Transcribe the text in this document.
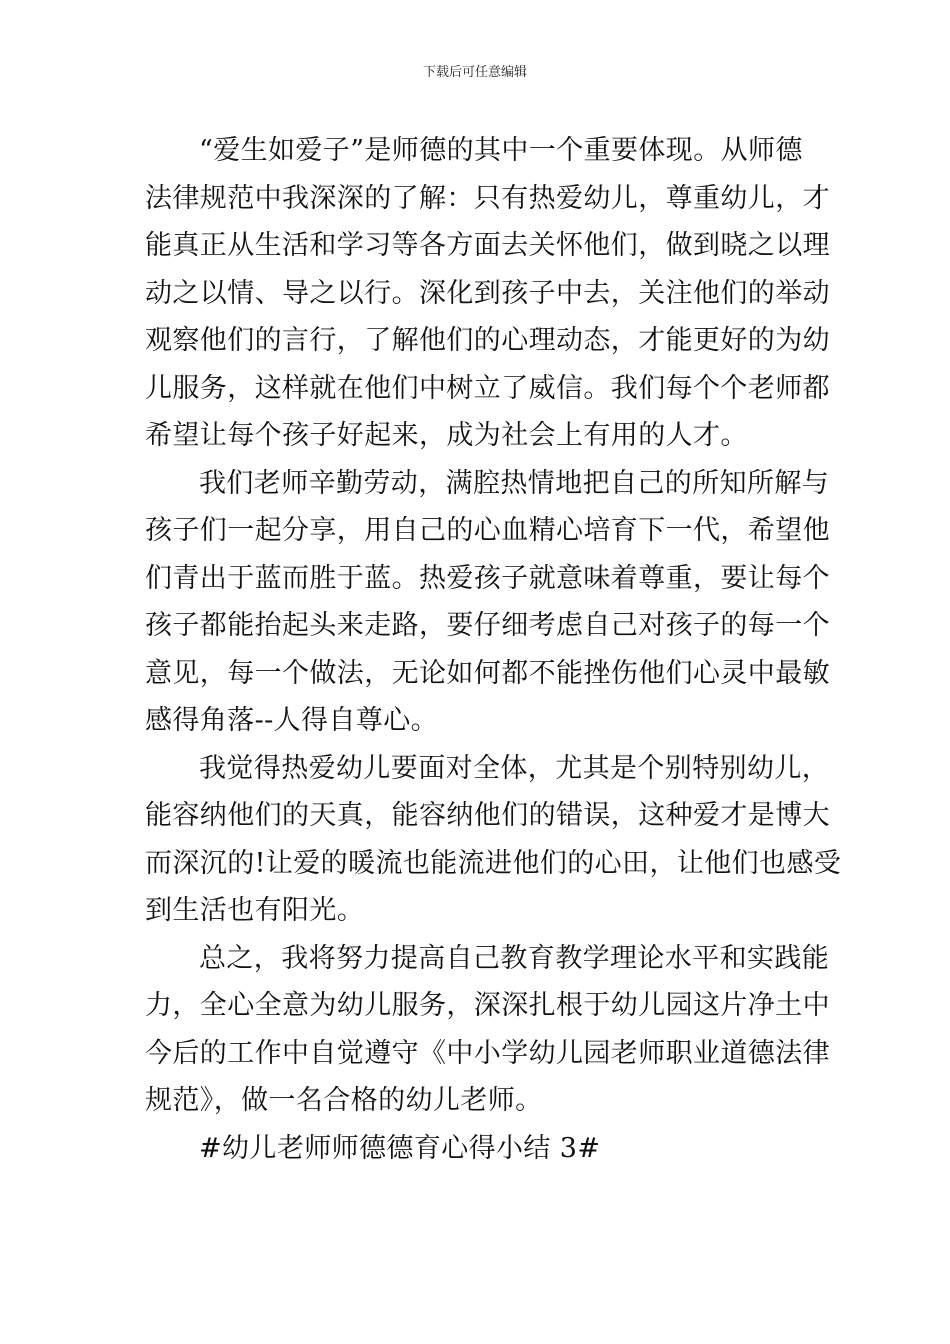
下载后可任意编辑

“爱生如爱子”是师德的其中一个重要体现。从师德
法律规范中我深深的了解：只有热爱幼儿，尊重幼儿，才
能真正从生活和学习等各方面去关怀他们，做到晓之以理
动之以情、导之以行。深化到孩子中去，关注他们的举动
观察他们的言行，了解他们的心理动态，才能更好的为幼
儿服务，这样就在他们中树立了威信。我们每个个老师都
希望让每个孩子好起来，成为社会上有用的人才。

我们老师辛勤劳动，满腔热情地把自己的所知所解与
孩子们一起分享，用自己的心血精心培育下一代，希望他
们青出于蓝而胜于蓝。热爱孩子就意味着尊重，要让每个
孩子都能抬起头来走路，要仔细考虑自己对孩子的每一个
意见，每一个做法，无论如何都不能挫伤他们心灵中最敏
感得角落--人得自尊心。

我觉得热爱幼儿要面对全体，尤其是个别特别幼儿，
能容纳他们的天真，能容纳他们的错误，这种爱才是博大
而深沉的!让爱的暖流也能流进他们的心田，让他们也感受
到生活也有阳光。

总之，我将努力提高自己教育教学理论水平和实践能
力，全心全意为幼儿服务，深深扎根于幼儿园这片净土中
今后的工作中自觉遵守《中小学幼儿园老师职业道德法律
规范》，做一名合格的幼儿老师。

#幼儿老师师德德育心得小结 3#
